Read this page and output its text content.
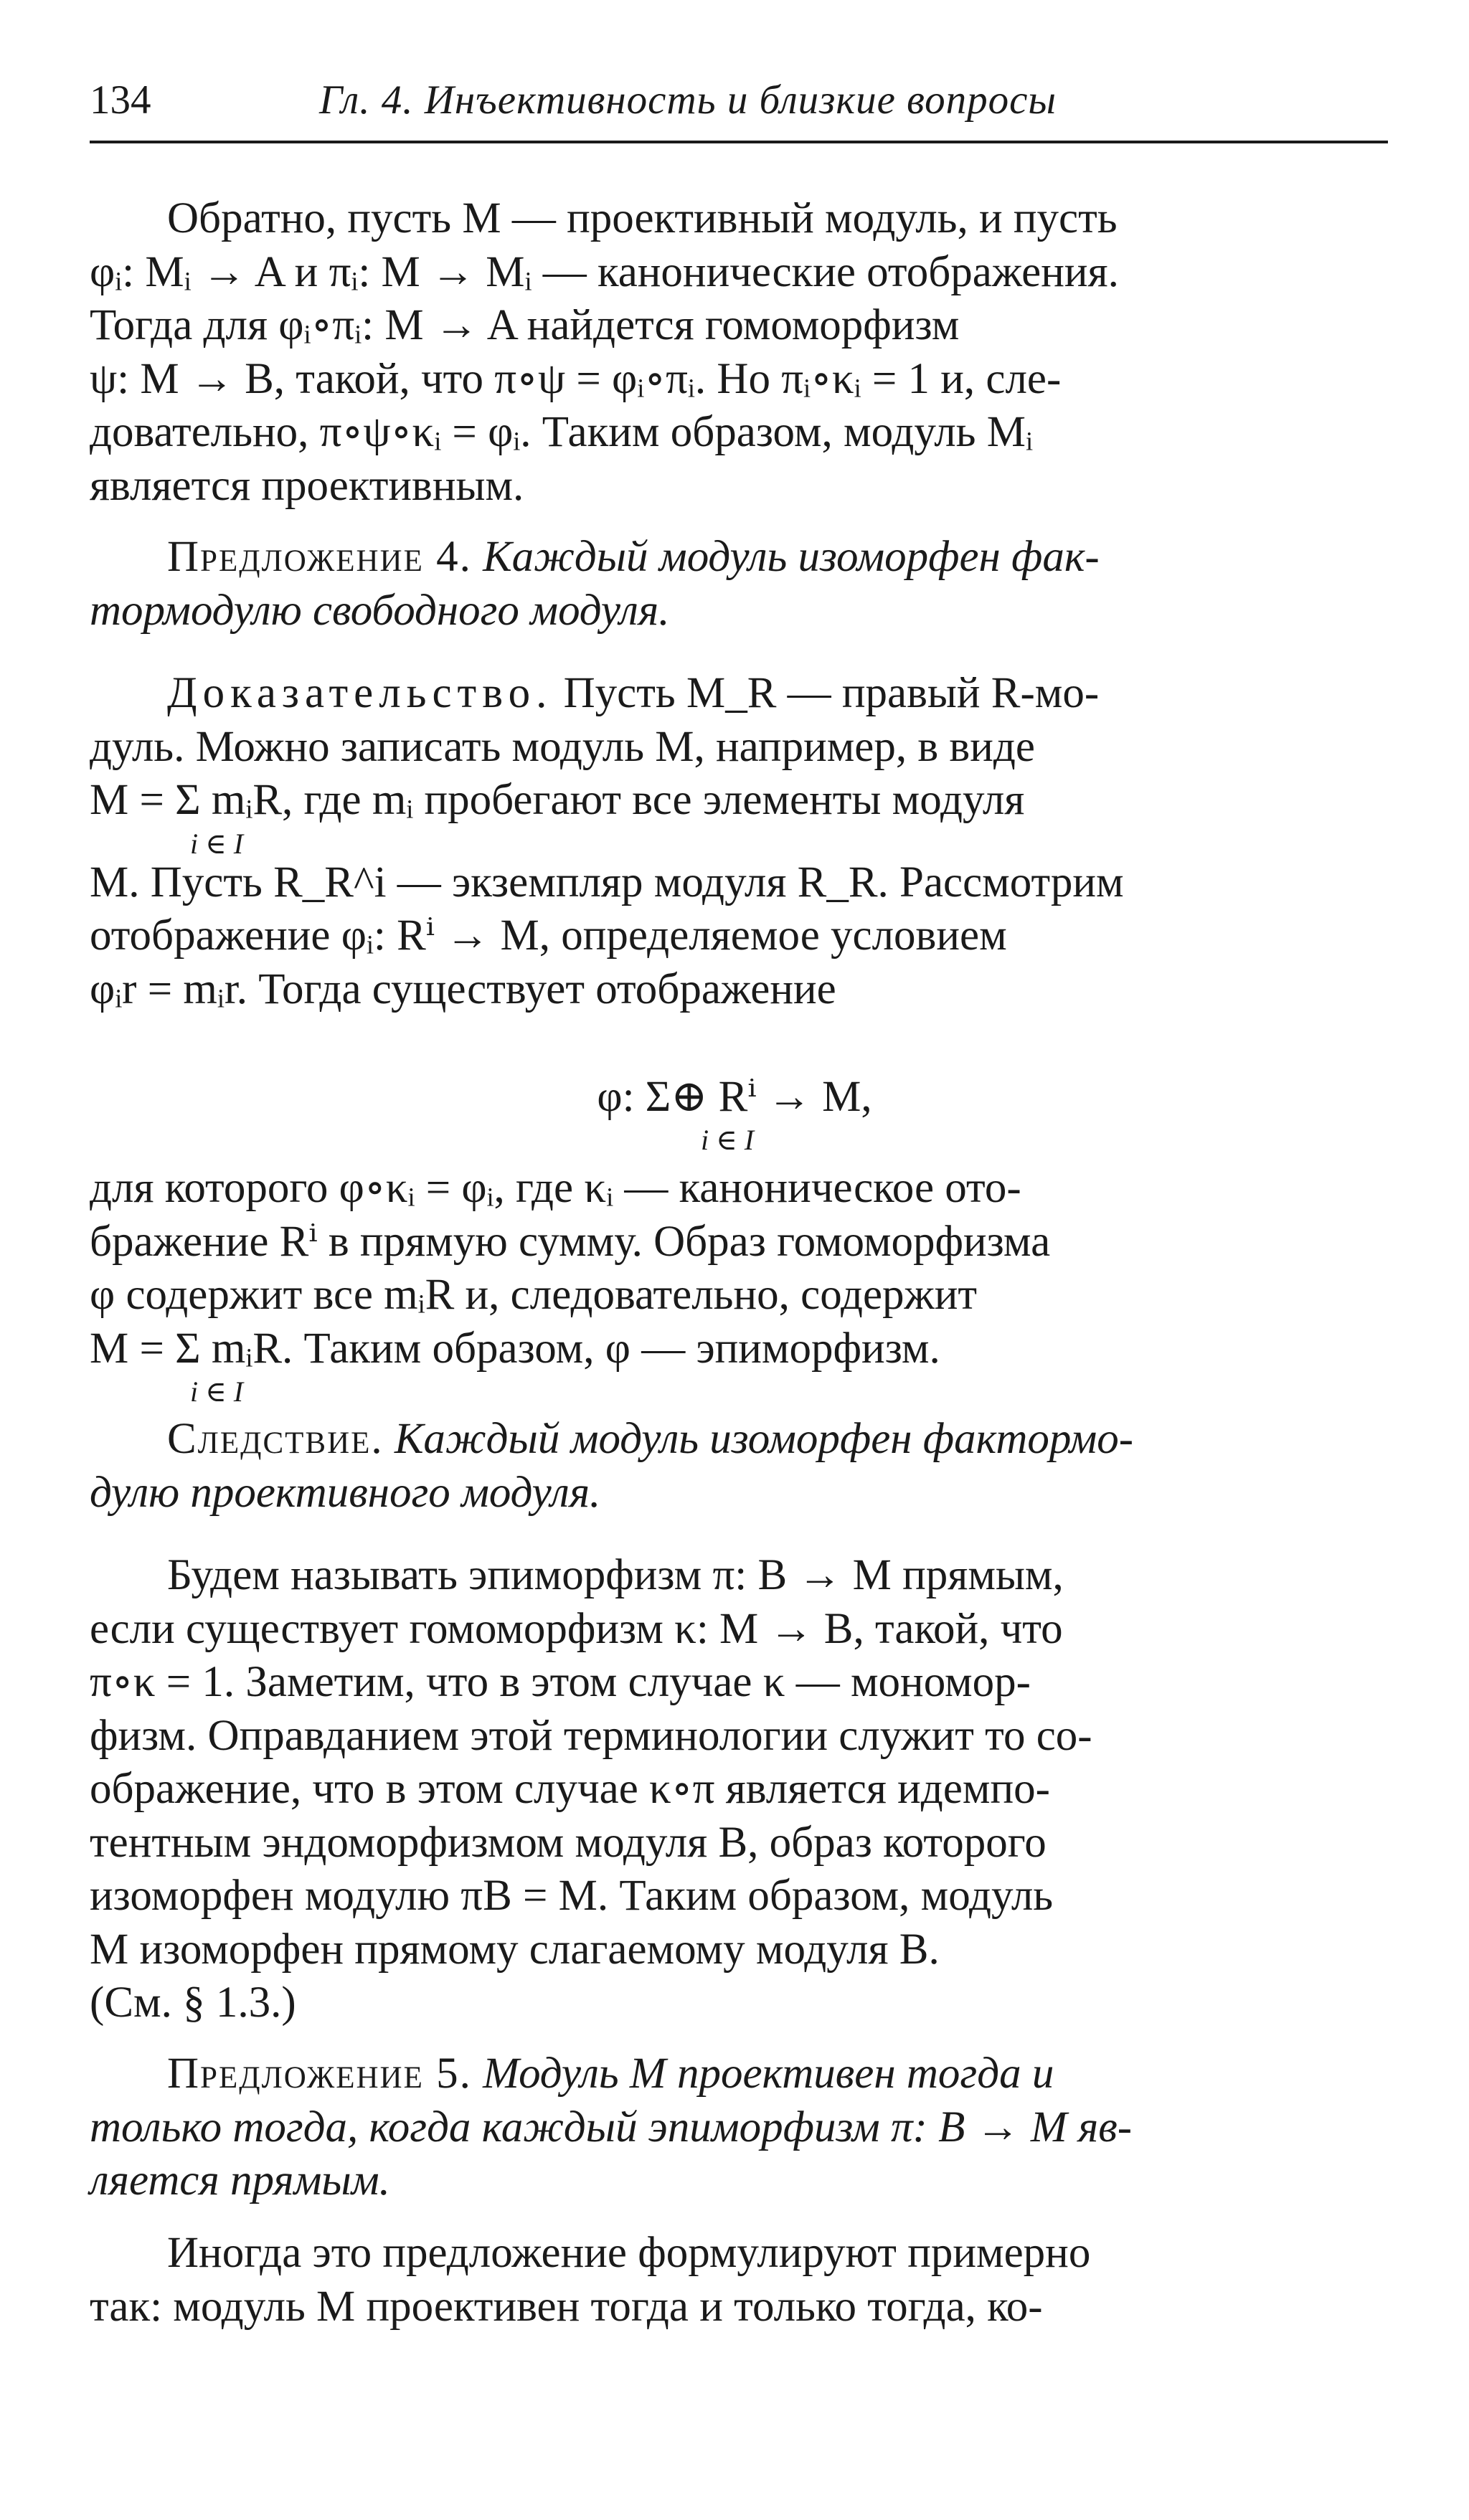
134	Гл. 4. Инъективность и близкие вопросы
Обратно, пусть M — проективный модуль, и пусть
φᵢ: Mᵢ → A и πᵢ: M → Mᵢ — канонические отображения.
Тогда для φᵢ∘πᵢ: M → A найдется гомоморфизм
ψ: M → B, такой, что π∘ψ = φᵢ∘πᵢ. Но πᵢ∘κᵢ = 1 и, сле-
довательно, π∘ψ∘κᵢ = φᵢ. Таким образом, модуль Mᵢ
является проективным.
Предложение 4. Каждый модуль изоморфен фак-
тормодулю свободного модуля.
Доказательство. Пусть M_R — правый R-мо-
дуль. Можно записать модуль M, например, в виде
M = Σ mᵢR, где mᵢ пробегают все элементы модуля
i ∈ I
M. Пусть R_R^i — экземпляр модуля R_R. Рассмотрим
отображение φᵢ: Rⁱ → M, определяемое условием
φᵢr = mᵢr. Тогда существует отображение
φ: Σ⊕ Rⁱ → M,
i ∈ I
для которого φ∘κᵢ = φᵢ, где κᵢ — каноническое ото-
бражение Rⁱ в прямую сумму. Образ гомоморфизма
φ содержит все mᵢR и, следовательно, содержит
M = Σ mᵢR. Таким образом, φ — эпиморфизм.
i ∈ I
Следствие. Каждый модуль изоморфен фактормо-
дулю проективного модуля.
Будем называть эпиморфизм π: B → M прямым,
если существует гомоморфизм κ: M → B, такой, что
π∘κ = 1. Заметим, что в этом случае κ — мономор-
физм. Оправданием этой терминологии служит то со-
ображение, что в этом случае κ∘π является идемпо-
тентным эндоморфизмом модуля B, образ которого
изоморфен модулю πB = M. Таким образом, модуль
M изоморфен прямому слагаемому модуля B.
(См. § 1.3.)
Предложение 5. Модуль M проективен тогда и
только тогда, когда каждый эпиморфизм π: B → M яв-
ляется прямым.
Иногда это предложение формулируют примерно
так: модуль M проективен тогда и только тогда, ко-
